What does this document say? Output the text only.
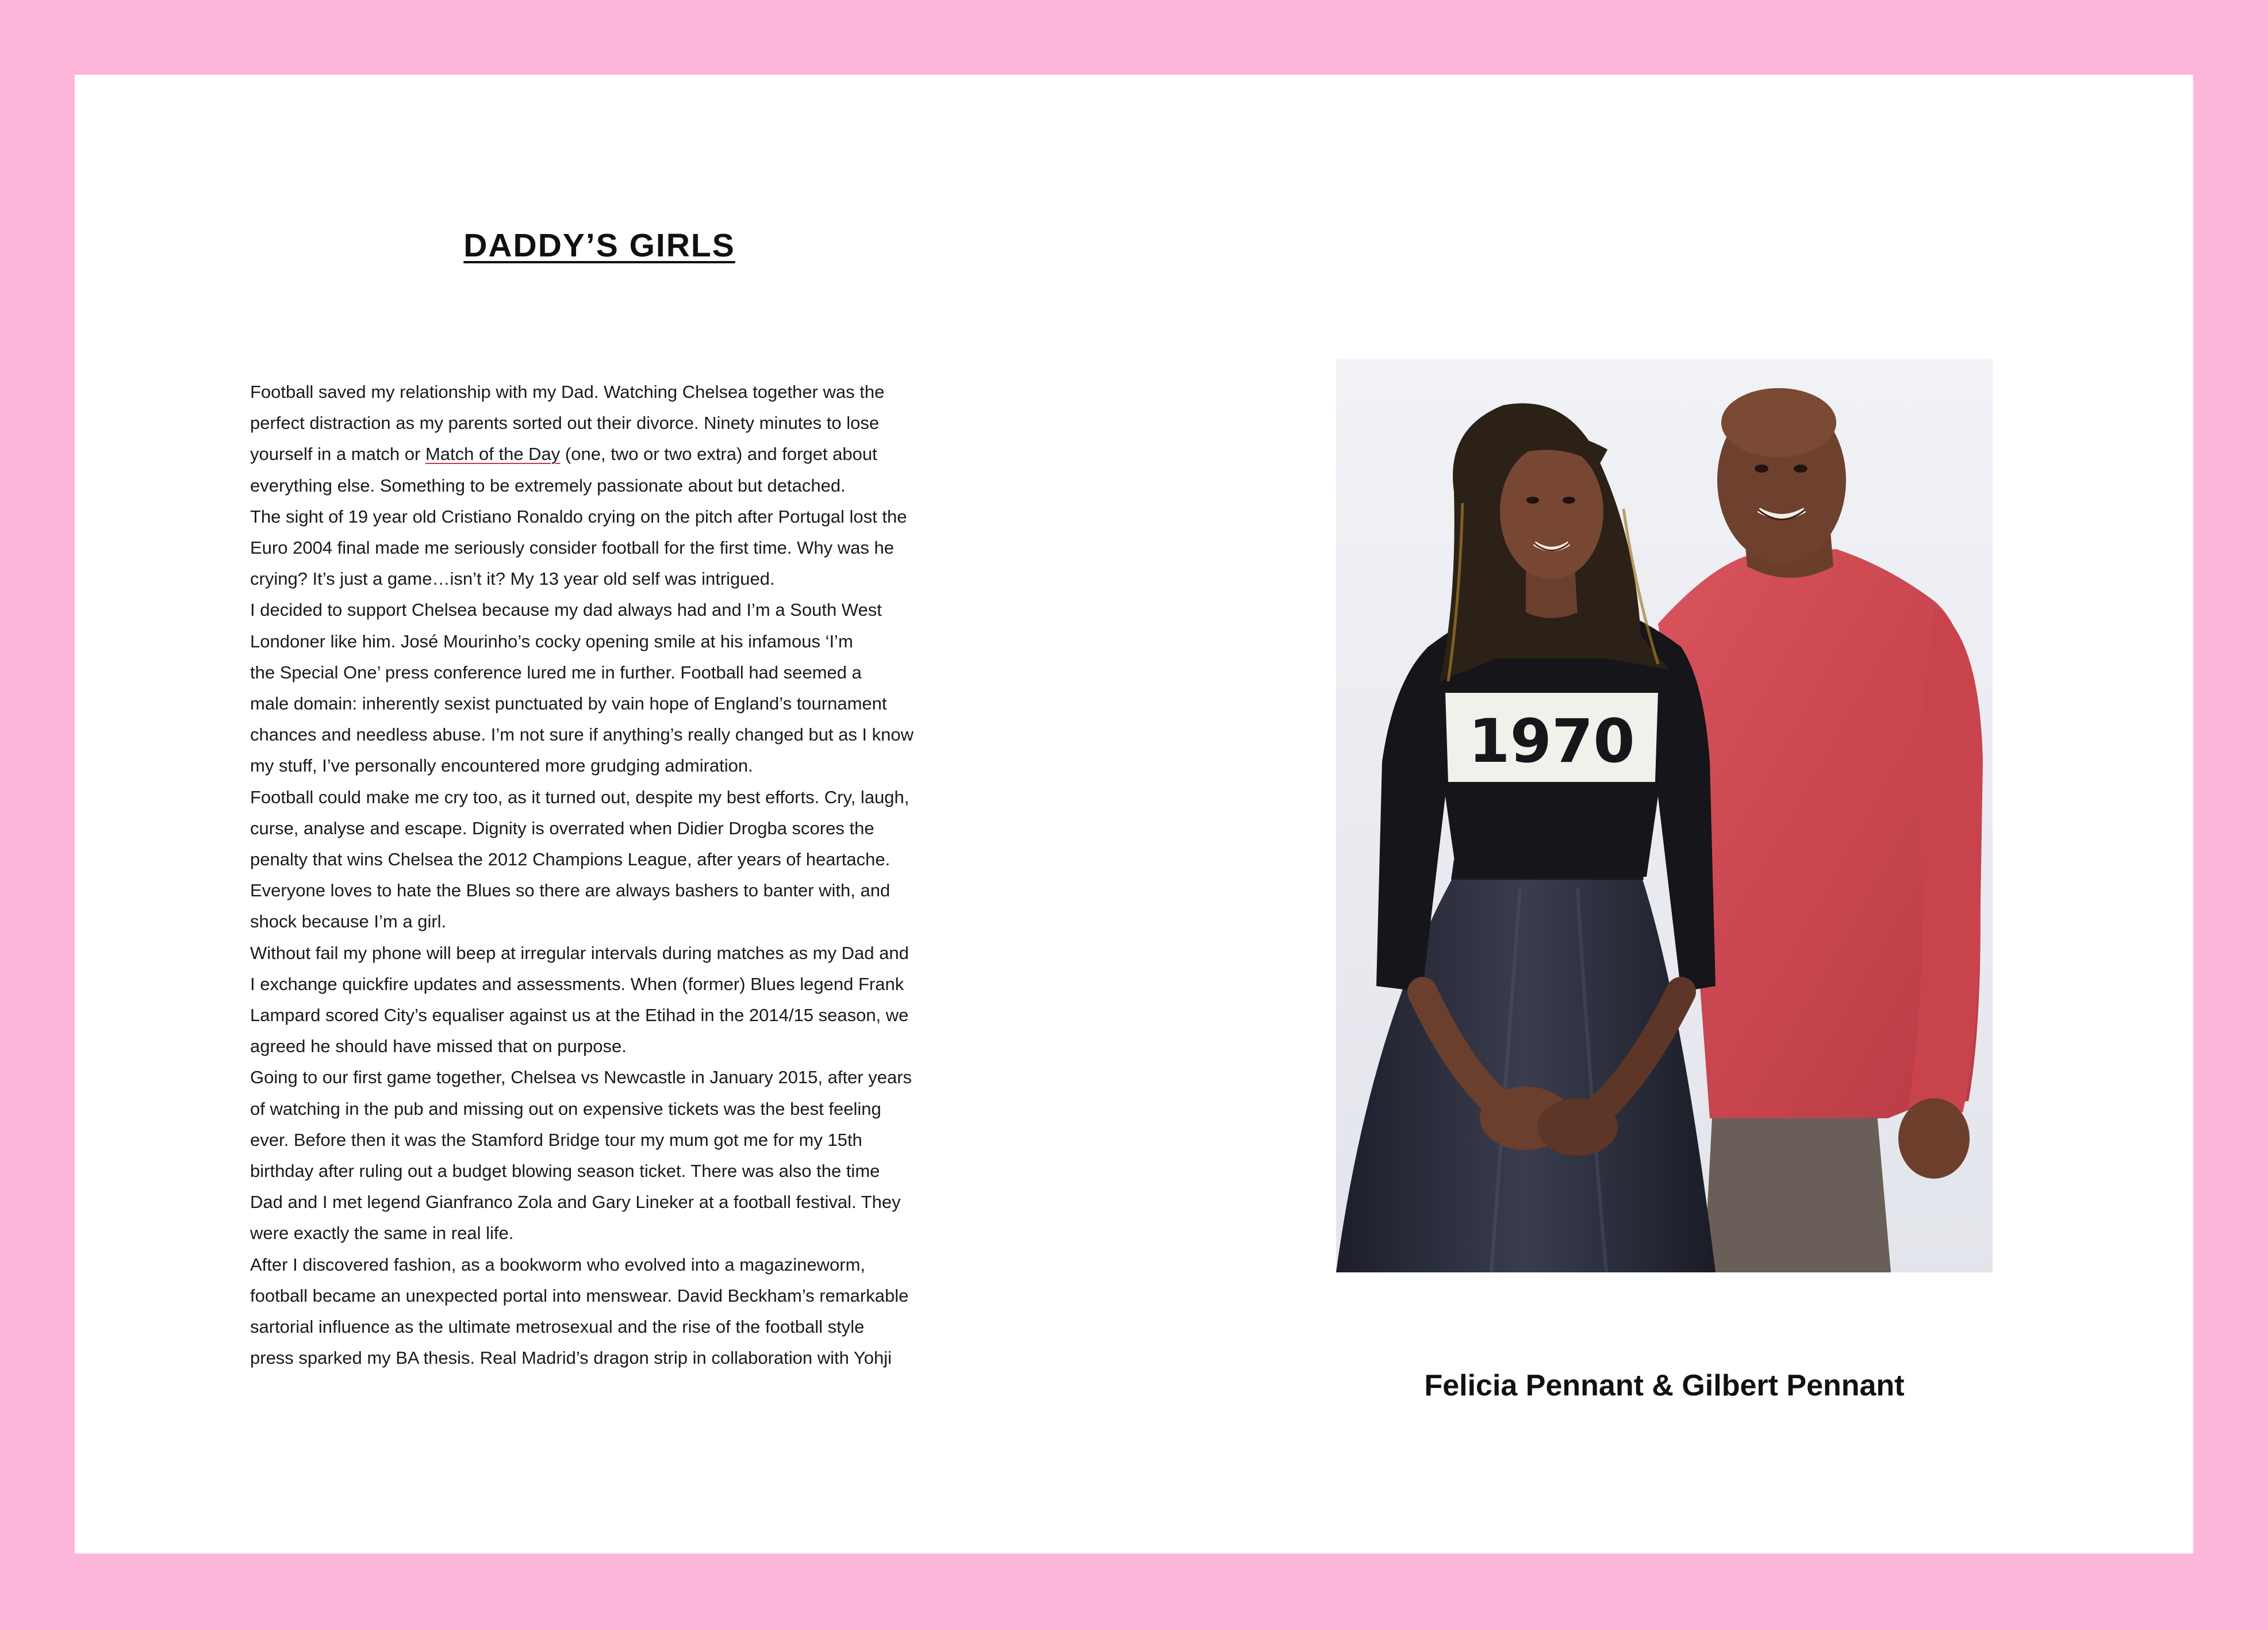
DADDY’S GIRLS
Football saved my relationship with my Dad. Watching Chelsea together was the
perfect distraction as my parents sorted out their divorce. Ninety minutes to lose
yourself in a match or Match of the Day (one, two or two extra) and forget about
everything else. Something to be extremely passionate about but detached.
The sight of 19 year old Cristiano Ronaldo crying on the pitch after Portugal lost the
Euro 2004 final made me seriously consider football for the first time. Why was he
crying? It’s just a game…isn’t it? My 13 year old self was intrigued.
I decided to support Chelsea because my dad always had and I’m a South West
Londoner like him. José Mourinho’s cocky opening smile at his infamous ‘I’m
the Special One’ press conference lured me in further. Football had seemed a
male domain: inherently sexist punctuated by vain hope of England’s tournament
chances and needless abuse. I’m not sure if anything’s really changed but as I know
my stuff, I’ve personally encountered more grudging admiration.
Football could make me cry too, as it turned out, despite my best efforts. Cry, laugh,
curse, analyse and escape. Dignity is overrated when Didier Drogba scores the
penalty that wins Chelsea the 2012 Champions League, after years of heartache.
Everyone loves to hate the Blues so there are always bashers to banter with, and
shock because I’m a girl.
Without fail my phone will beep at irregular intervals during matches as my Dad and
I exchange quickfire updates and assessments. When (former) Blues legend Frank
Lampard scored City’s equaliser against us at the Etihad in the 2014/15 season, we
agreed he should have missed that on purpose.
Going to our first game together, Chelsea vs Newcastle in January 2015, after years
of watching in the pub and missing out on expensive tickets was the best feeling
ever. Before then it was the Stamford Bridge tour my mum got me for my 15th
birthday after ruling out a budget blowing season ticket. There was also the time
Dad and I met legend Gianfranco Zola and Gary Lineker at a football festival. They
were exactly the same in real life.
After I discovered fashion, as a bookworm who evolved into a magazineworm,
football became an unexpected portal into menswear. David Beckham’s remarkable
sartorial influence as the ultimate metrosexual and the rise of the football style
press sparked my BA thesis. Real Madrid’s dragon strip in collaboration with Yohji
1970

Felicia Pennant & Gilbert Pennant
